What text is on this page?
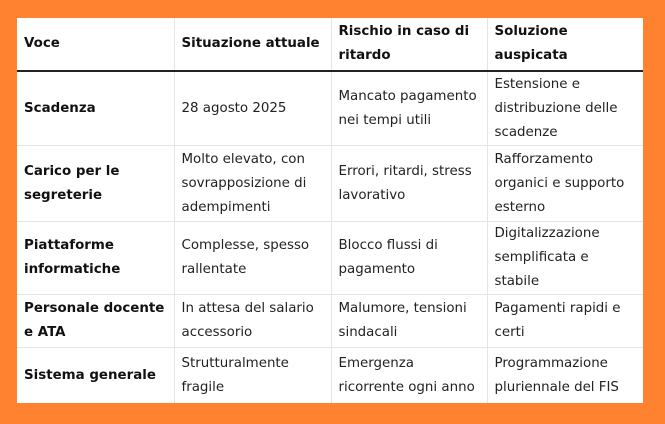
Voce	Situazione attuale	Rischio in caso di ritardo	Soluzione auspicata
Scadenza	28 agosto 2025	Mancato pagamento nei tempi utili	Estensione e distribuzione delle scadenze
Carico per le segreterie	Molto elevato, con sovrapposizione di adempimenti	Errori, ritardi, stress lavorativo	Rafforzamento organici e supporto esterno
Piattaforme informatiche	Complesse, spesso rallentate	Blocco flussi di pagamento	Digitalizzazione semplificata e stabile
Personale docente e ATA	In attesa del salario accessorio	Malumore, tensioni sindacali	Pagamenti rapidi e certi
Sistema generale	Strutturalmente fragile	Emergenza ricorrente ogni anno	Programmazione pluriennale del FIS
